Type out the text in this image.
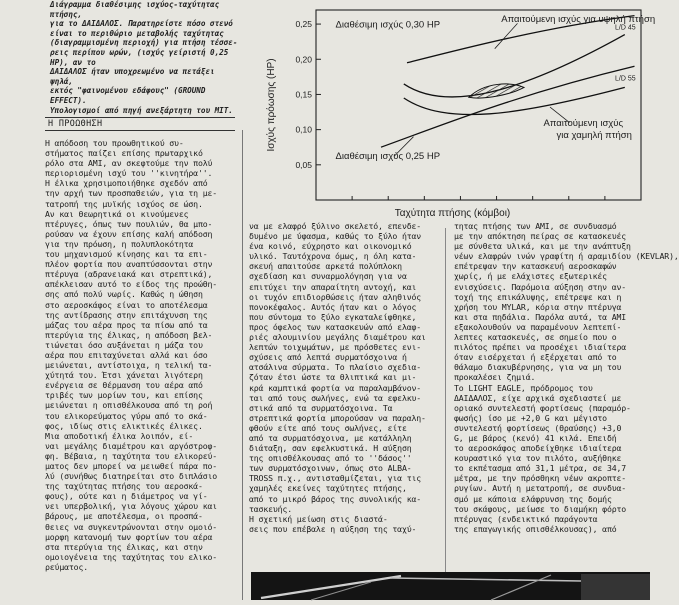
Διάγραμμα διαθέσιμης ισχύος-ταχύτητας πτήσης,
για το ΔΑΙΔΑΛΟΣ. Παρατηρείστε πόσο στενό
είναι το περιθώριο μεταβολής ταχύτητας
(διαγραμμισμένη περιοχή) για πτήση τέσσε-
ρεις περίπου ωρών, (ισχύς γείριστή 0,25 HP), αν το
ΔΑΙΔΑΛΟΣ ήταν υποχρεωμένο να πετάξει ψηλά,
εκτός "φαινομένου εδάφους" (GROUND EFFECT).
Υπολογισμοί από πηγή ανεξάρτητη του MIT.
0,25
0,20
0,15
0,10
0,05
Ισχύς πρόωσης (HP)
Ταχύτητα πτήσης (κόμβοι)
Διαθέσιμη ισχύς 0,30 HP
Απαιτούμενη ισχύς για υψηλή πτήση
L/D 45
L/D 55
Απαιτούμενη ισχύς
για χαμηλή πτήση
Διαθέσιμη ισχύς 0,25 HP
Η ΠΡΟΩΘΗΣΗ
Η απόδοση του προωθητικού συ-
στήματος παίζει επίσης πρωταρχικό
ρόλο στα AMI, αν σκεφτούμε την πολύ
περιορισμένη ισχύ του ''κινητήρα''.
Η έλικα χρησιμοποιήθηκε σχεδόν από
την αρχή των προσπαθειών, για τη με-
τατροπή της μυϊκής ισχύος σε ώση.
Αν και θεωρητικά οι κινούμενες
πτέρυγες, όπως των πουλιών, θα μπο-
ρούσαν να έχουν επίσης καλή απόδοση
για την πρόωση, η πολυπλοκότητα
του μηχανισμού κίνησης και τα επι-
πλέον φορτία που αναπτύσσονται στην
πτέρυγα (αδρανειακά και στρεπτικά),
απέκλεισαν αυτό το είδος της προώθη-
σης από πολύ νωρίς. Καθώς η ώθηση
στο αεροσκάφος είναι το αποτέλεσμα
της αντίδρασης στην επιτάχυνση της
μάζας του αέρα προς τα πίσω από τα
πτερύγια της έλικας, η απόδοση βελ-
τιώνεται όσο αυξάνεται η μάζα του
αέρα που επιταχύνεται αλλά και όσο
μειώνεται, αντίστοιχα, η τελική τα-
χύτητά του. Έτσι χάνεται λιγότερη
ενέργεια σε θέρμανση του αέρα από
τριβές των μορίων του, και επίσης
μειώνεται η οπισθέλκουσα από τη ροή
του ελικορεύματος γύρω από το σκά-
φος, ιδίως στις ελικτικές έλικες.
Μια αποδοτική έλικα λοιπόν, εί-
ναι μεγάλης διαμέτρου και αργόστροφ-
φη. Βέβαια, η ταχύτητα του ελικορεύ-
ματος δεν μπορεί να μειωθεί πάρα πο-
λύ (συνήθως διατηρείται στο διπλάσιο
της ταχύτητας πτήσης του αεροσκά-
φους), ούτε και η διάμετρος να γί-
νει υπερβολική, για λόγους χώρου και
βάρους, με αποτέλεσμα, οι προσπά-
θειες να συγκεντρώνονται στην ομοιό-
μορφη κατανομή των φορτίων του αέρα
στα πτερύγια της έλικας, και στην
ομοιογένεια της ταχύτητας του ελικο-
ρεύματος.
να με ελαφρό ξύλινο σκελετό, επενδε-
δυμένο με ύφασμα, καθώς το ξύλο ήταν
ένα κοινό, εύχρηστο και οικονομικό
υλικό. Ταυτόχρονα όμως, η όλη κατα-
σκευή απαιτούσε αρκετά πολύπλοκη
σχεδίαση και συναρμολόγηση για να
επιτύχει την απαραίτητη αντοχή, και
οι τυχόν επιδιορθώσεις ήταν αληθινός
πονοκέφαλος. Αυτός ήταν και ο λόγος
που σύντομα το ξύλο εγκαταλείφθηκε,
προς όφελος των κατασκευών από ελαφ-
ριές αλουμινίου μεγάλης διαμέτρου και
λεπτών τοιχωμάτων, με πρόσθετες ενι-
σχύσεις από λεπτά συρματόσχοινα ή
ατσάλινα σύρματα. Το πλαίσιο σχεδια-
ζόταν έτσι ώστε τα θλιπτικά και μι-
κρά καμπτικά φορτία να παραλαμβάνον-
ται από τους σωλήνες, ενώ τα εφελκυ-
στικά από τα συρματόσχοινα. Τα
στρεπτικά φορτία μπορούσαν να παραλη-
φθούν είτε από τους σωλήνες, είτε
από τα συρματόσχοινα, με κατάλληλη
διάταξη, σαν εφελκυστικά. Η αύξηση
της οπισθέλκουσας από το ''δάσος''
των συρματόσχοινων, όπως στο ALBA-
TROSS π.χ., αντισταθμίζεται, για τις
χαμηλές εκείνες ταχύτητες πτήσης,
από το μικρό βάρος της συνολικής κα-
τασκευής.
Η σχετική μείωση στις διαστά-
σεις που επέβαλε η αύξηση της ταχύ-
τητας πτήσης των AMI, σε συνδυασμό
με την απόκτηση πείρας σε κατασκευές
με σύνθετα υλικά, και με την ανάπτυξη
νέων ελαφρών ινών γραφίτη ή αραμιδίου (KEVLAR),
επέτρεψαν την κατασκευή αεροσκαφών
χωρίς, ή με ελάχιστες εξωτερικές
ενισχύσεις. Παρόμοια αύξηση στην αν-
τοχή της επικάλυψης, επέτρεψε και η
χρήση του MYLAR, κόρια στην πτέρυγα
και στα πηδάλια. Παρόλα αυτά, τα AMI
εξακολουθούν να παραμένουν λεπτεπί-
λεπτες κατασκευές, σε σημείο που ο
πιλότος πρέπει να προσέχει ιδιαίτερα
όταν εισέρχεται ή εξέρχεται από το
θάλαμο διακυβέρνησης, για να μη του
προκαλέσει ζημιά.
Το LIGHT EAGLE, πρόδρομος του
ΔΑΙΔΑΛΟΣ, είχε αρχικά σχεδιαστεί με
οριακό συντελεστή φορτίσεως (παραμόρ-
φωσής) ίσο με +2,0 G και μέγιστο
συντελεστή φορτίσεως (θραύσης) +3,0
G, με βάρος (κενό) 41 κιλά. Επειδή
το αεροσκάφος αποδείχθηκε ιδιαίτερα
κουραστικό για τον πιλότο, αυξήθηκε
το εκπέτασμα από 31,1 μέτρα, σε 34,7
μέτρα, με την πρόσθηκη νέων ακροπτε-
ρυγίων. Αυτή η μετατροπή, σε συνδυα-
σμό με κάποια ελάφρυνση της δομής
του σκάφους, μείωσε το διαμήκη φόρτο
πτέρυγας (ενδεικτικό παράγοντα
της επαγωγικής οπισθέλκουσας), από
